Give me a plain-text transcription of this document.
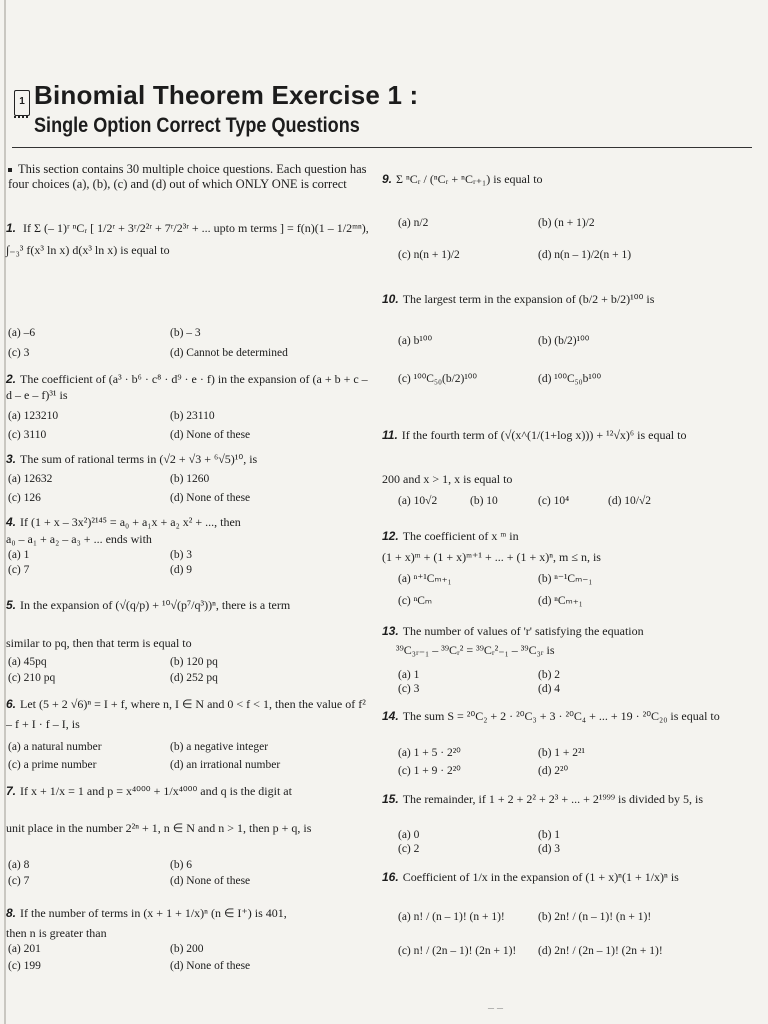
1 Binomial Theorem Exercise 1 :
Single Option Correct Type Questions
This section contains 30 multiple choice questions. Each question has four choices (a), (b), (c) and (d) out of which ONLY ONE is correct
1. If Σ (– 1)ʳ ⁿCᵣ [ 1/2ʳ + 3ʳ/2²ʳ + 7ʳ/2³ʳ + ... upto m terms ] = f(n)(1 – 1/2ᵐⁿ),
∫₋₃³ f(x³ ln x) d(x³ ln x) is equal to
(a) –6	(b) – 3
(c) 3	(d) Cannot be determined
2. The coefficient of (a³ · b⁶ · c⁸ · d⁹ · e · f) in the expansion of (a + b + c – d – e – f)³¹ is
(a) 123210	(b) 23110
(c) 3110	(d) None of these
3. The sum of rational terms in (√2 + √3 + ⁶√5)¹⁰, is
(a) 12632	(b) 1260
(c) 126	(d) None of these
4. If (1 + x – 3x²)²¹⁴⁵ = a₀ + a₁x + a₂ x² + ..., then
a₀ – a₁ + a₂ – a₃ + ... ends with
(a) 1	(b) 3
(c) 7	(d) 9
5. In the expansion of (√(q/p) + ¹⁰√(p⁷/q³))ⁿ, there is a term
similar to pq, then that term is equal to
(a) 45pq	(b) 120 pq
(c) 210 pq	(d) 252 pq
6. Let (5 + 2 √6)ⁿ = I + f, where n, I ∈ N and 0 < f < 1, then the value of f² – f + I · f – I, is
(a) a natural number	(b) a negative integer
(c) a prime number	(d) an irrational number
7. If x + 1/x = 1 and p = x⁴⁰⁰⁰ + 1/x⁴⁰⁰⁰ and q is the digit at
unit place in the number 2²ⁿ + 1, n ∈ N and n > 1, then p + q, is
(a) 8	(b) 6
(c) 7	(d) None of these
8. If the number of terms in (x + 1 + 1/x)ⁿ (n ∈ I⁺) is 401,
then n is greater than
(a) 201	(b) 200
(c) 199	(d) None of these
9. Σ ⁿCᵣ / (ⁿCᵣ + ⁿCᵣ₊₁) is equal to
(a) n/2	(b) (n + 1)/2
(c) n(n + 1)/2	(d) n(n – 1)/2(n + 1)
10. The largest term in the expansion of (b/2 + b/2)¹⁰⁰ is
(a) b¹⁰⁰	(b) (b/2)¹⁰⁰
(c) ¹⁰⁰C₅₀(b/2)¹⁰⁰	(d) ¹⁰⁰C₅₀b¹⁰⁰
11. If the fourth term of (√(x^(1/(1+log x))) + ¹²√x)⁶ is equal to
200 and x > 1, x is equal to
(a) 10√2	(b) 10	(c) 10⁴	(d) 10/√2
12. The coefficient of x ᵐ in
(1 + x)ᵐ + (1 + x)ᵐ⁺¹ + ... + (1 + x)ⁿ, m ≤ n, is
(a) ⁿ⁺¹Cₘ₊₁	(b) ⁿ⁻¹Cₘ₋₁
(c) ⁿCₘ	(d) ⁿCₘ₊₁
13. The number of values of 'r' satisfying the equation
³⁹C₃ᵣ₋₁ – ³⁹Cᵣ² = ³⁹Cᵣ²₋₁ – ³⁹C₃ᵣ is
(a) 1	(b) 2
(c) 3	(d) 4
14. The sum S = ²⁰C₂ + 2 · ²⁰C₃ + 3 · ²⁰C₄ + ... + 19 · ²⁰C₂₀ is equal to
(a) 1 + 5 · 2²⁰	(b) 1 + 2²¹
(c) 1 + 9 · 2²⁰	(d) 2²⁰
15. The remainder, if 1 + 2 + 2² + 2³ + ... + 2¹⁹⁹⁹ is divided by 5, is
(a) 0	(b) 1
(c) 2	(d) 3
16. Coefficient of 1/x in the expansion of (1 + x)ⁿ(1 + 1/x)ⁿ is
(a) n! / (n – 1)! (n + 1)!	(b) 2n! / (n – 1)! (n + 1)!
(c) n! / (2n – 1)! (2n + 1)! (d) 2n! / (2n – 1)! (2n + 1)!
– –
